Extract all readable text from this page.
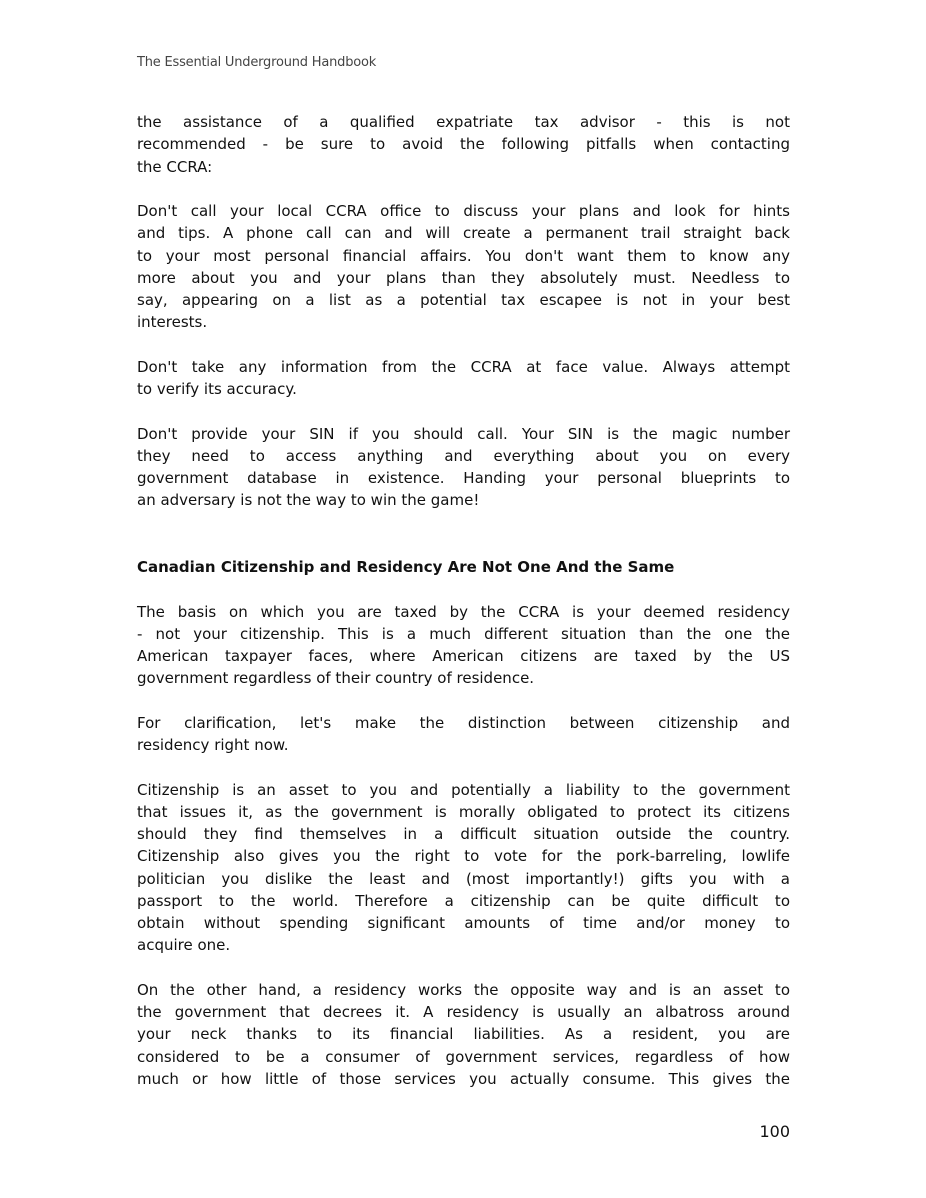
The Essential Underground Handbook
the assistance of a qualified expatriate tax advisor - this is not
recommended - be sure to avoid the following pitfalls when contacting
the CCRA:
Don't call your local CCRA office to discuss your plans and look for hints
and tips. A phone call can and will create a permanent trail straight back
to your most personal financial affairs. You don't want them to know any
more about you and your plans than they absolutely must. Needless to
say, appearing on a list as a potential tax escapee is not in your best
interests.
Don't take any information from the CCRA at face value. Always attempt
to verify its accuracy.
Don't provide your SIN if you should call. Your SIN is the magic number
they need to access anything and everything about you on every
government database in existence. Handing your personal blueprints to
an adversary is not the way to win the game!
Canadian Citizenship and Residency Are Not One And the Same
The basis on which you are taxed by the CCRA is your deemed residency
- not your citizenship. This is a much different situation than the one the
American taxpayer faces, where American citizens are taxed by the US
government regardless of their country of residence.
For clarification, let's make the distinction between citizenship and
residency right now.
Citizenship is an asset to you and potentially a liability to the government
that issues it, as the government is morally obligated to protect its citizens
should they find themselves in a difficult situation outside the country.
Citizenship also gives you the right to vote for the pork-barreling, lowlife
politician you dislike the least and (most importantly!) gifts you with a
passport to the world. Therefore a citizenship can be quite difficult to
obtain without spending significant amounts of time and/or money to
acquire one.
On the other hand, a residency works the opposite way and is an asset to
the government that decrees it. A residency is usually an albatross around
your neck thanks to its financial liabilities. As a resident, you are
considered to be a consumer of government services, regardless of how
much or how little of those services you actually consume. This gives the
100
